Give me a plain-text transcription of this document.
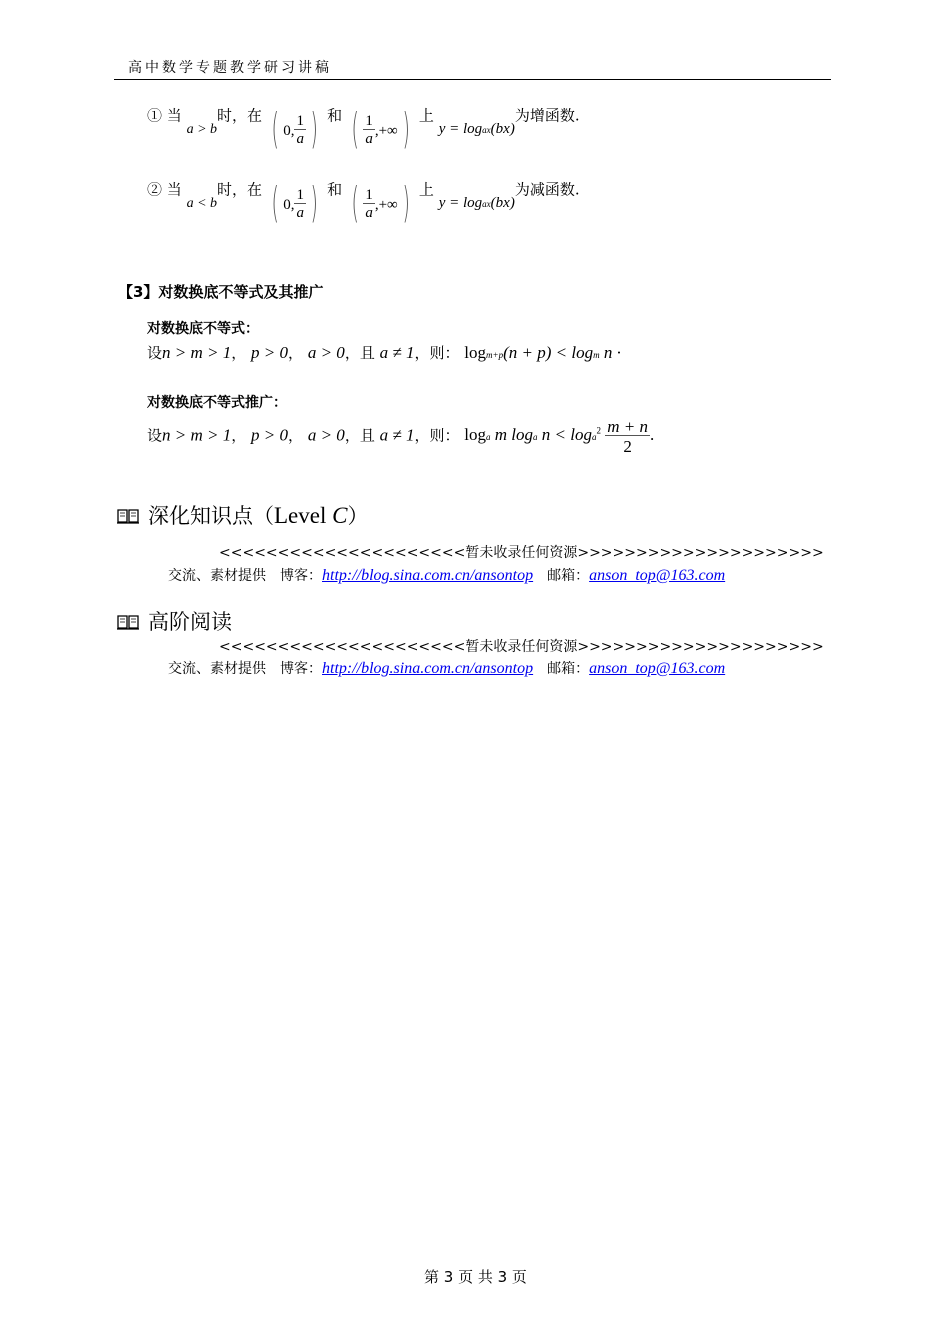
高中数学专题教学研习讲稿
① 当 a > b时，在 ( 0, $\frac{1}{a}$ ) 和 ( $\frac{1}{a}$ ,+∞ ) 上 y = logax(bx)为增函数.
② 当 a < b时，在 ( 0, $\frac{1}{a}$ ) 和 ( $\frac{1}{a}$ ,+∞ ) 上 y = logax(bx)为减函数.
【3】对数换底不等式及其推广
对数换底不等式：
设n > m > 1， p > 0， a > 0，且 a ≠ 1，则： logm+p(n + p) < logm n ·
对数换底不等式推广：
设n > m > 1， p > 0， a > 0，且 a ≠ 1，则： loga m loga $n < \log a^2 \frac{m + n}{2}$ .
深化知识点（Level C）
<<<<<<<<<<<<<<<<<<<<<暂未收录任何资源>>>>>>>>>>>>>>>>>>>>>
交流、素材提供　博客：http://blog.sina.com.cn/ansontop　邮箱：anson_top@163.com
高阶阅读
<<<<<<<<<<<<<<<<<<<<<暂未收录任何资源>>>>>>>>>>>>>>>>>>>>>
交流、素材提供　博客：http://blog.sina.com.cn/ansontop　邮箱：anson_top@163.com
第 3 页 共 3 页
